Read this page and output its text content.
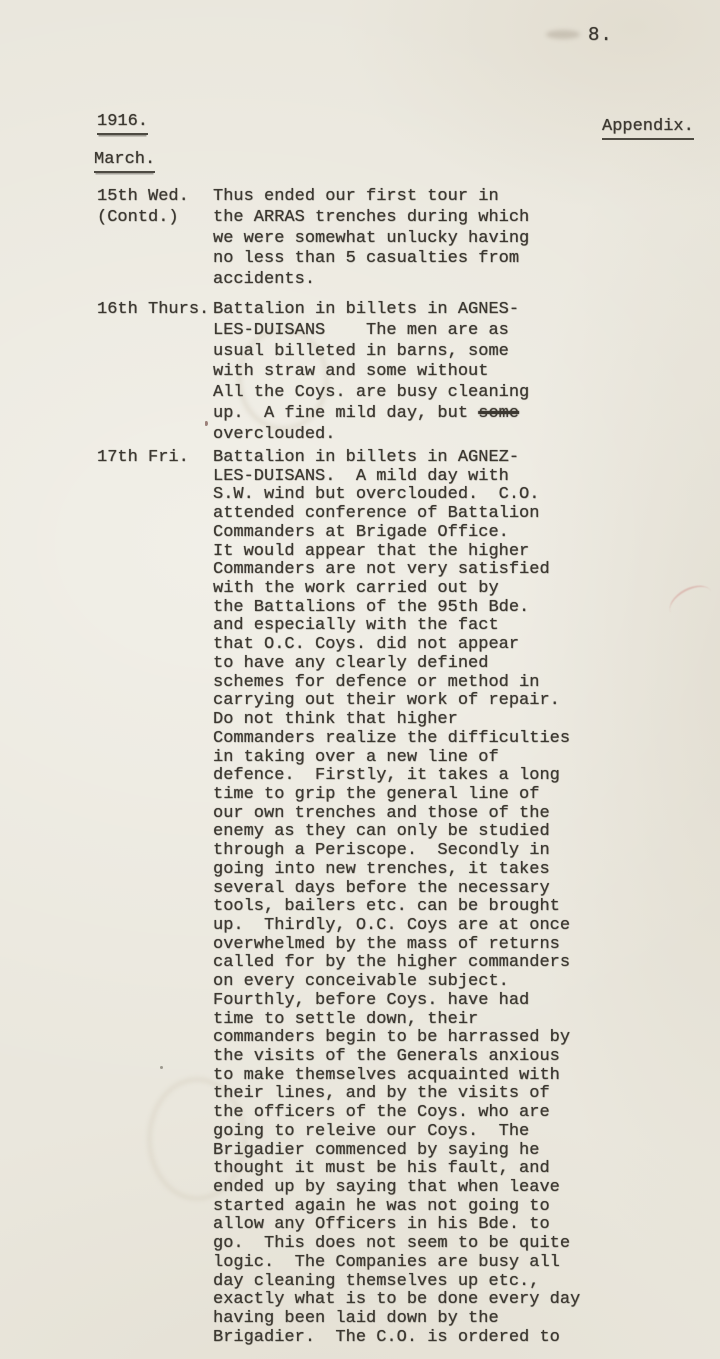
8.
1916.	Appendix.
March.
15th Wed.
(Contd.)
Thus ended our first tour in
the ARRAS trenches during which
we were somewhat unlucky having
no less than 5 casualties from
accidents.
16th Thurs. Battalion in billets in AGNES-
LES-DUISANS    The men are as
usual billeted in barns, some
with straw and some without
All the Coys. are busy cleaning
up.  A fine mild day, but some
overclouded.
17th Fri.	Battalion in billets in AGNEZ-
LES-DUISANS.  A mild day with
S.W. wind but overclouded.  C.O.
attended conference of Battalion
Commanders at Brigade Office.
It would appear that the higher
Commanders are not very satisfied
with the work carried out by
the Battalions of the 95th Bde.
and especially with the fact
that O.C. Coys. did not appear
to have any clearly defined
schemes for defence or method in
carrying out their work of repair.
Do not think that higher
Commanders realize the difficulties
in taking over a new line of
defence.  Firstly, it takes a long
time to grip the general line of
our own trenches and those of the
enemy as they can only be studied
through a Periscope.  Secondly in
going into new trenches, it takes
several days before the necessary
tools, bailers etc. can be brought
up.  Thirdly, O.C. Coys are at once
overwhelmed by the mass of returns
called for by the higher commanders
on every conceivable subject.
Fourthly, before Coys. have had
time to settle down, their
commanders begin to be harrassed by
the visits of the Generals anxious
to make themselves acquainted with
their lines, and by the visits of
the officers of the Coys. who are
going to releive our Coys.  The
Brigadier commenced by saying he
thought it must be his fault, and
ended up by saying that when leave
started again he was not going to
allow any Officers in his Bde. to
go.  This does not seem to be quite
logic.  The Companies are busy all
day cleaning themselves up etc.,
exactly what is to be done every day
having been laid down by the
Brigadier.  The C.O. is ordered to
